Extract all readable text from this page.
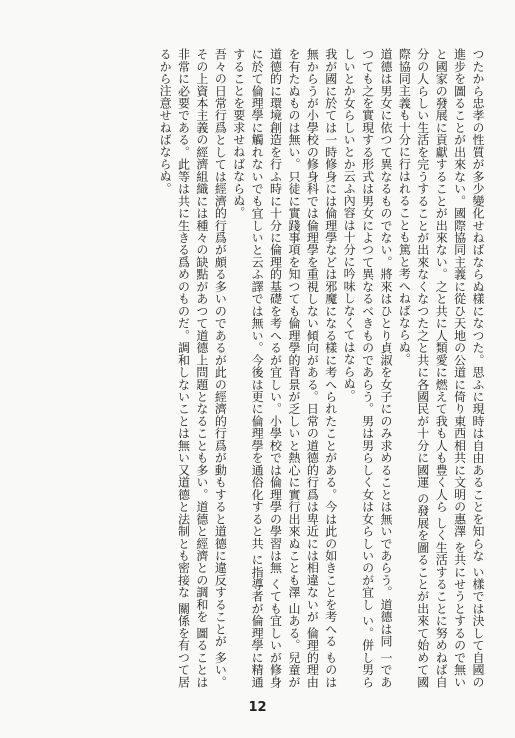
つたから忠孝の性質が多少變化せねばならぬ樣になつた。思ふに現時は自由あることを知らな い樣では決して自國の進步を圖ることが出來ない。國際協同主義に從ひ天地の公道に倚り東西相共に文明の惠澤 を共にせうとするので無いと國家の發展に貢獻することが出來ない。之と共に人類愛に燃えて我も人も豊く人ら しく生活することに努めねば自分の人らしい生活を完うすることが出來なくなつた之と共に各國民が十分に國運 の發展を圖ることが出來て始めて國際協同主義も十分に行はれることも篤と考へねばならぬ。

道德は男女に依つて異なるものでない。將來はひとり貞淑を女子にのみ求めることは無いであらう。道德は同 一であつても之を實現する形式は男女によつて異なるべきものであらう。男は男らしく女は女らしいのが宜し い。併し男らしいとか女らしいとか云ふ內容は十分に吟味しなくてはならぬ。

我が國に於ては一時修身には倫理學などは邪魔になる樣に考へられたことがある。今は此の如きことを考へる ものは無からうが小學校の修身科では倫理學を重視しない傾向がある。日常の道德的行爲は卑近には相違ないが 倫理的理由を有たぬものは無い。只徒に實踐事項を知つても倫理學的背景が乏しいと熱心に實行出來ぬことも澤 山ある。兒童が道德的に環境創造を行ふ時に十分に倫理的基礎を考へるが宜しい。小學校では倫理學の學習は無 くても宜しいが修身に於て倫理學に觸れないでも宜しいと云ふ譯では無い。今後は更に倫理學を通俗化すると共 に指導者が倫理學に精通することを要求せねばならぬ。

吾々の日常行爲としては經濟的行爲が頗る多いのであるが此の經濟的行爲が動もすると道德に違反することが 多い。その上資本主義の經濟組織には種々の缺點があつて道德上問題となることも多い。道德と經濟との調和を 圖ることは非常に必要である。此等は共に生きる爲めのものだ。調和しないことは無い又道德と法制とも密接な 關係を有つて居るから注意せねばならぬ。

12
